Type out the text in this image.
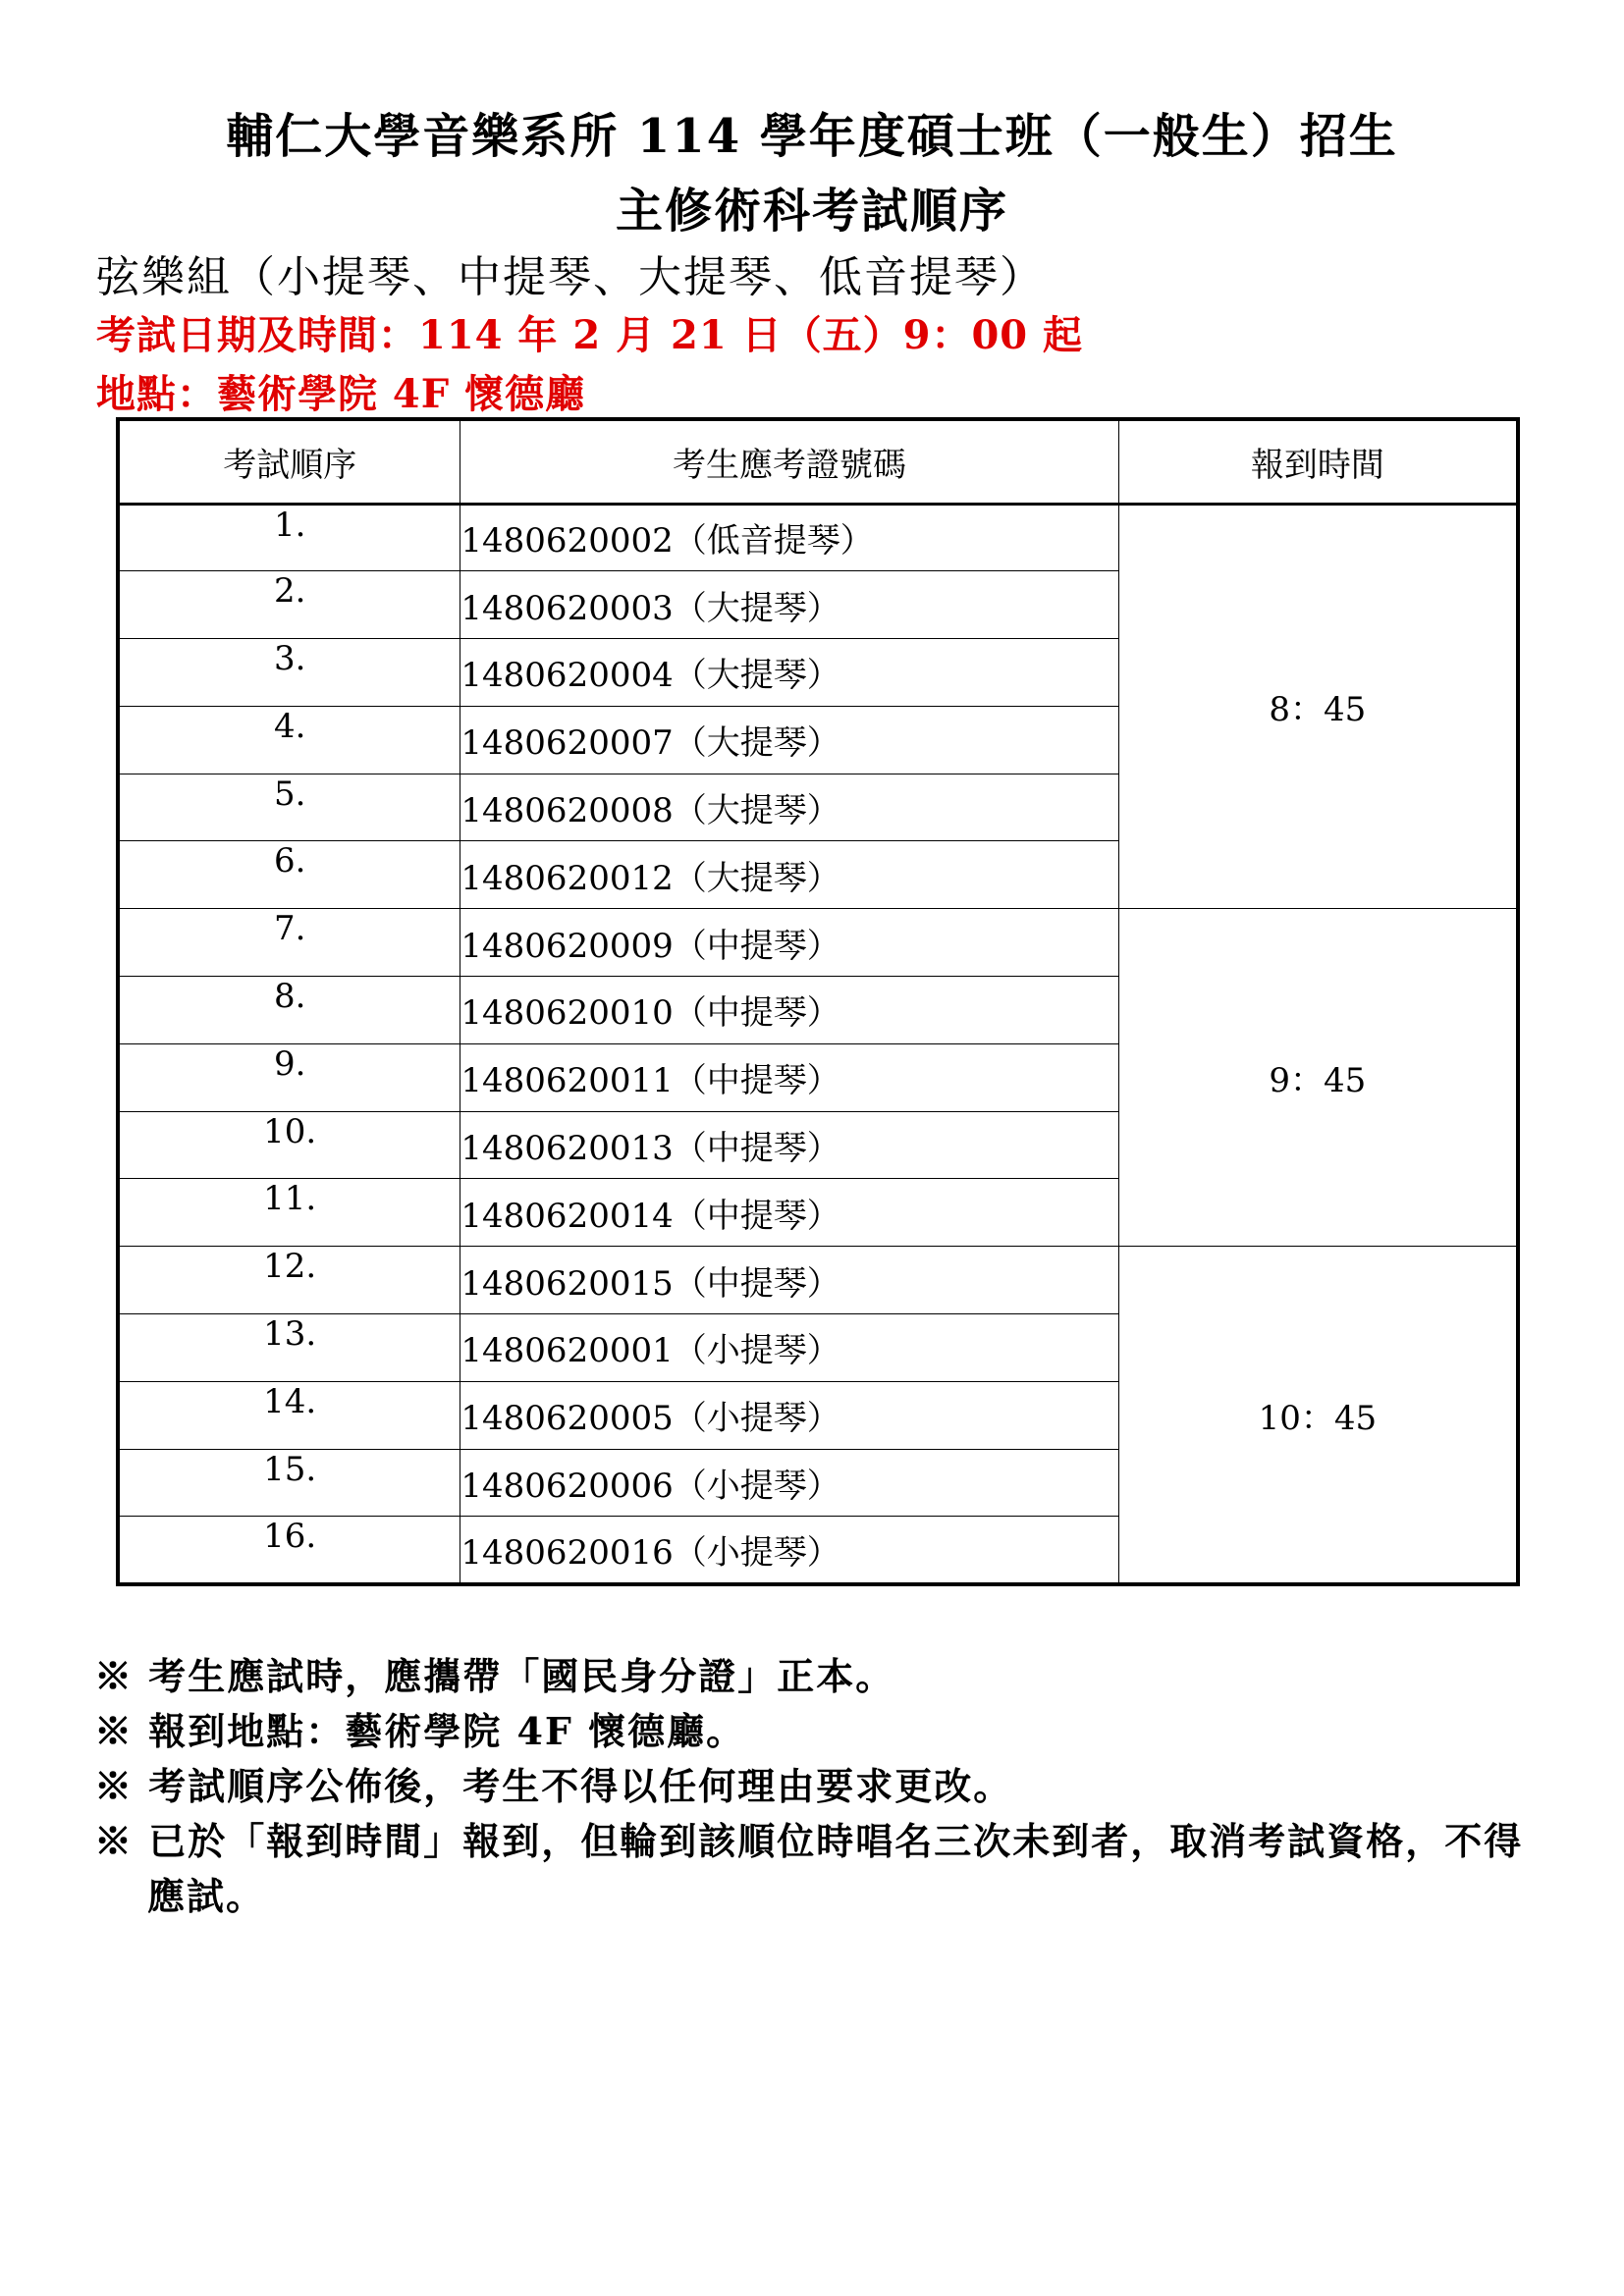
輔仁大學音樂系所 114 學年度碩士班（一般生）招生
主修術科考試順序
弦樂組（小提琴、中提琴、大提琴、低音提琴）
考試日期及時間：114 年 2 月 21 日（五）9：00 起
地點：藝術學院 4F 懷德廳
考試順序	考生應考證號碼	報到時間
1.	1480620002（低音提琴）	8：45
2.	1480620003（大提琴）	
3.	1480620004（大提琴）	
4.	1480620007（大提琴）	
5.	1480620008（大提琴）	
6.	1480620012（大提琴）	
7.	1480620009（中提琴）	9：45
8.	1480620010（中提琴）	
9.	1480620011（中提琴）	
10.	1480620013（中提琴）	
11.	1480620014（中提琴）	
12.	1480620015（中提琴）	10：45
13.	1480620001（小提琴）	
14.	1480620005（小提琴）	
15.	1480620006（小提琴）	
16.	1480620016（小提琴）	
※ 考生應試時，應攜帶「國民身分證」正本。
※ 報到地點：藝術學院 4F 懷德廳。
※ 考試順序公佈後，考生不得以任何理由要求更改。
※ 已於「報到時間」報到，但輪到該順位時唱名三次未到者，取消考試資格，不得應試。
